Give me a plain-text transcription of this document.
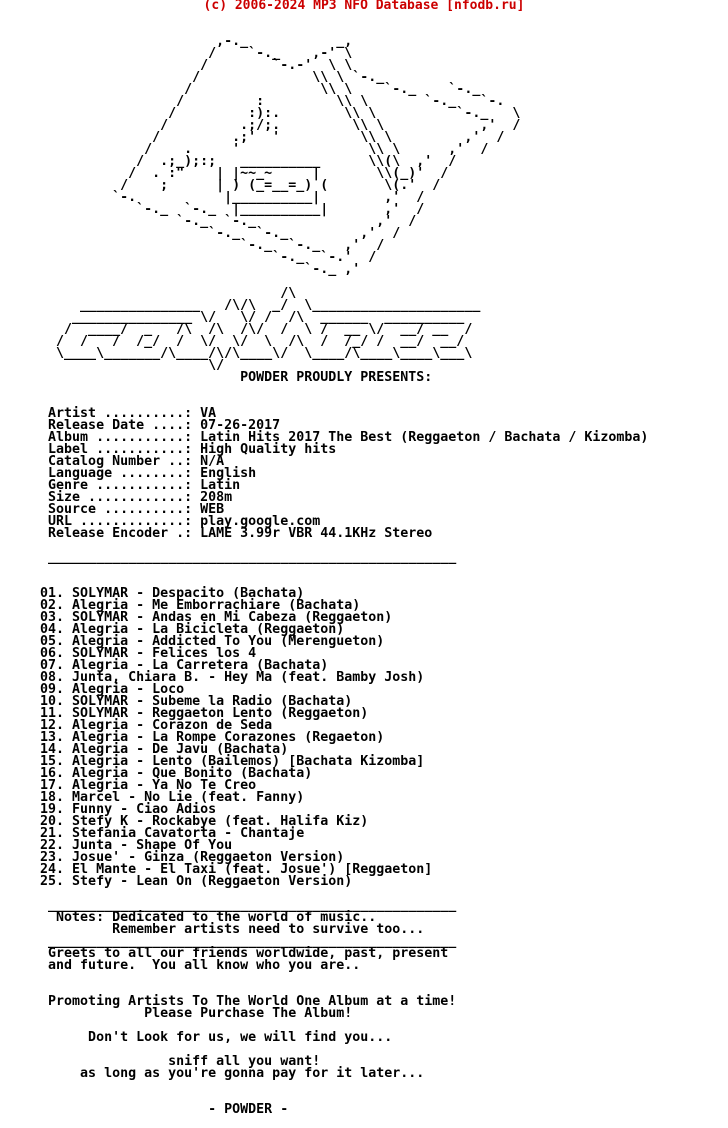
(c) 2006-2024 MP3 NFO Database [nfodb.ru]
,-._           _,
/    `-._    ,-' \
/        `-.-'  \ \
/              \\ \ `-._
/                \\ \    `-._    `-._
/         :         \\ \       `-._   `-.
/         :):.        \\ \          `-._   \
/         .;/;.         \\ \            ,'  /
/         .;'  '          \\ \         ,'  /
/    .     '                \\ \      ,'  /
/  .;_);:;   __________      \\(\  ,'  /
/  . :"    | |~~_~     |       \\(_)'  /
/    ;      | ) (_=__=_) (       \(.'  /
`-.           |__________|        ,'  /
`-._  `-._  |__________|       ,'  /
`-._  `-._               ,'  /
`-._  `-._         ,'  /
`-._  `-._   ,'  /
`-._  `-.'  /
`-._ ,'
/\
_______________   /\/\  _/  \_____________________
_______________ \/   \/ /  /\  ______  __________
/  ____/  _   /\  /\  /\/  /  \ /  __ \/  __/ __  /
/  /   /  /_/  /  \/  \/  \  /\  /  /_/ /  __/  __/
\____\_______/\____/\/\____\/  \____/\____\____\___\
\/
POWDER PROUDLY PRESENTS:
Artist ..........: VA
Release Date ....: 07-26-2017
Album ...........: Latin Hits 2017 The Best (Reggaeton / Bachata / Kizomba)
Label ...........: High Quality hits
Catalog Number ..: N/A
Language ........: English
Genre ...........: Latin
Size ............: 208m
Source ..........: WEB
URL .............: play.google.com
Release Encoder .: LAME 3.99r VBR 44.1KHz Stereo
___________________________________________________
01. SOLYMAR - Despacito (Bachata)
02. Alegria - Me Emborrachiare (Bachata)
03. SOLYMAR - Andas en Mi Cabeza (Reggaeton)
04. Alegria - La Bicicleta (Reggaeton)
05. Alegria - Addicted To You (Merengueton)
06. SOLYMAR - Felices los 4
07. Alegria - La Carretera (Bachata)
08. Junta, Chiara B. - Hey Ma (feat. Bamby Josh)
09. Alegria - Loco
10. SOLYMAR - Subeme la Radio (Bachata)
11. SOLYMAR - Reggaeton Lento (Reggaeton)
12. Alegria - Corazon de Seda
13. Alegria - La Rompe Corazones (Regaeton)
14. Alegria - De Javu (Bachata)
15. Alegria - Lento (Bailemos) [Bachata Kizomba]
16. Alegria - Que Bonito (Bachata)
17. Alegria - Ya No Te Creo
18. Marcel - No Lie (feat. Fanny)
19. Funny - Ciao Adios
20. Stefy K - Rockabye (feat. Halifa Kiz)
21. Stefania Cavatorta - Chantaje
22. Junta - Shape Of You
23. Josue' - Ginza (Reggaeton Version)
24. El Mante - El Taxi (feat. Josue') [Reggaeton]
25. Stefy - Lean On (Reggaeton Version)
___________________________________________________
Notes: Dedicated to the world of music..
Remember artists need to survive too...
___________________________________________________
Greets to all our friends worldwide, past, present
and future.  You all know who you are..
Promoting Artists To The World One Album at a time!
Please Purchase The Album!
Don't Look for us, we will find you...
sniff all you want!
as long as you're gonna pay for it later...
- POWDER -
